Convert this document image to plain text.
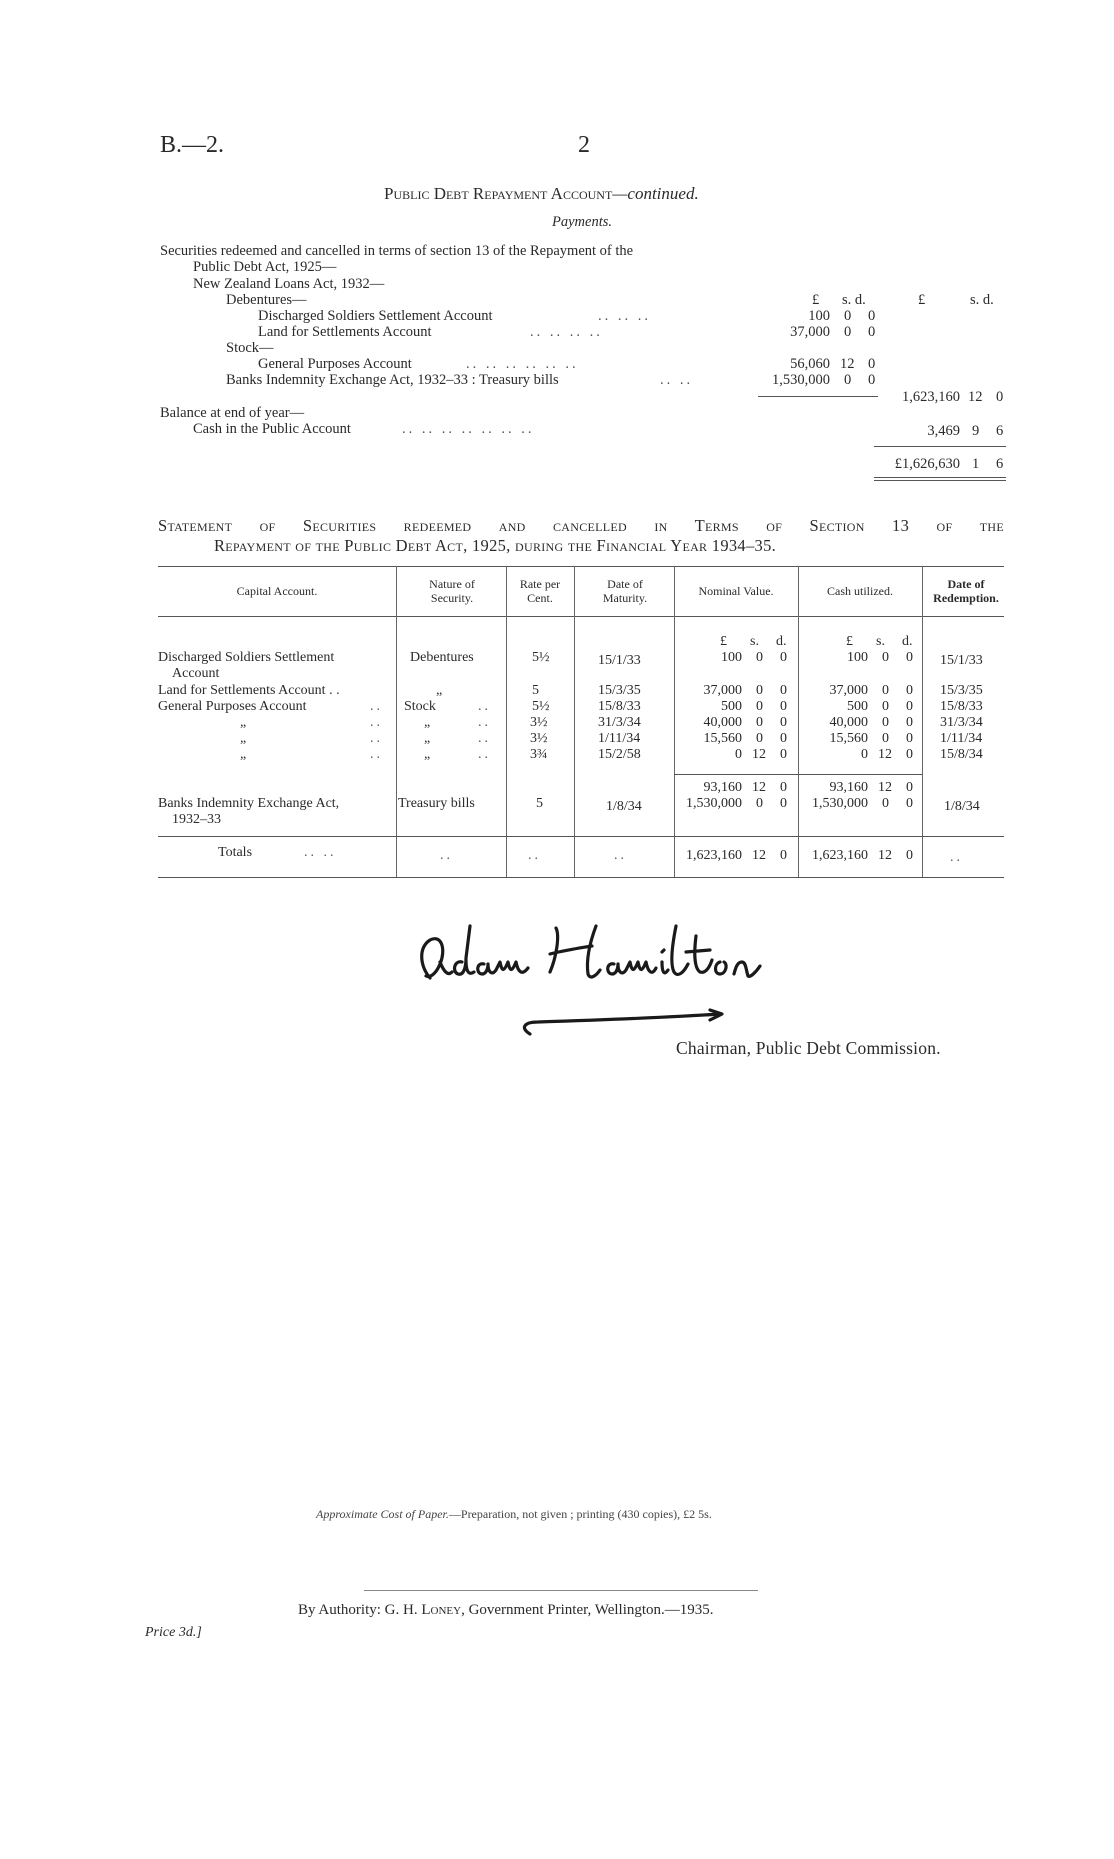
B.—2.	2
Public Debt Repayment Account—continued.
Payments.
Securities redeemed and cancelled in terms of section 13 of the Repayment of the
Public Debt Act, 1925—
New Zealand Loans Act, 1932—
Debentures—	£ s. d.	£	s. d.
Discharged Soldiers Settlement Account	.. .. ..	100 0 0
Land for Settlements Account	.. .. .. ..	37,000 0 0
Stock—
General Purposes Account	.. .. .. .. .. ..	56,060 12 0
Banks Indemnity Exchange Act, 1932–33 : Treasury bills	.. ..	1,530,000 0 0
1,623,160 12 0
Balance at end of year—
Cash in the Public Account	.. .. .. .. .. .. ..	3,469 9 6
£1,626,630 1 6
Statement of Securities redeemed and cancelled in Terms of Section 13 of the
Repayment of the Public Debt Act, 1925, during the Financial Year 1934–35.
Capital Account.	Nature of Security.
Rate per Cent.
Date of Maturity.	Nominal Value.	Cash utilized.	Date of Redemption.
£ s. d.	£ s. d.
Discharged Soldiers Settlement
Account
Debentures	5½	15/1/33	100 0 0	100 0 0 15/1/33
Land for Settlements Account . .	„	5	15/3/35	37,000 0 0	37,000 0 0 15/3/35
General Purposes Account	.. Stock	..	5½	15/8/33	500 0 0	500 0 0 15/8/33
„	..	„	..	3½	31/3/34	40,000 0 0	40,000 0 0 31/3/34
„	..	„	..	3½	1/11/34	15,560 0 0	15,560 0 0 1/11/34
„	..	„	..	3¾	15/2/58	0 12 0	0 12 0 15/8/34
93,160 12 0	93,160 12 0
Banks Indemnity Exchange Act,
1932–33
Treasury bills	5	1/8/34	1,530,000 0 0	1,530,000 0 0 1/8/34
Totals	.. ..	..	..	..	1,623,160 12 0	1,623,160 12 0	..
Chairman, Public Debt Commission.
Approximate Cost of Paper.—Preparation, not given ; printing (430 copies), £2 5s.
By Authority: G. H. Loney, Government Printer, Wellington.—1935.
Price 3d.]
